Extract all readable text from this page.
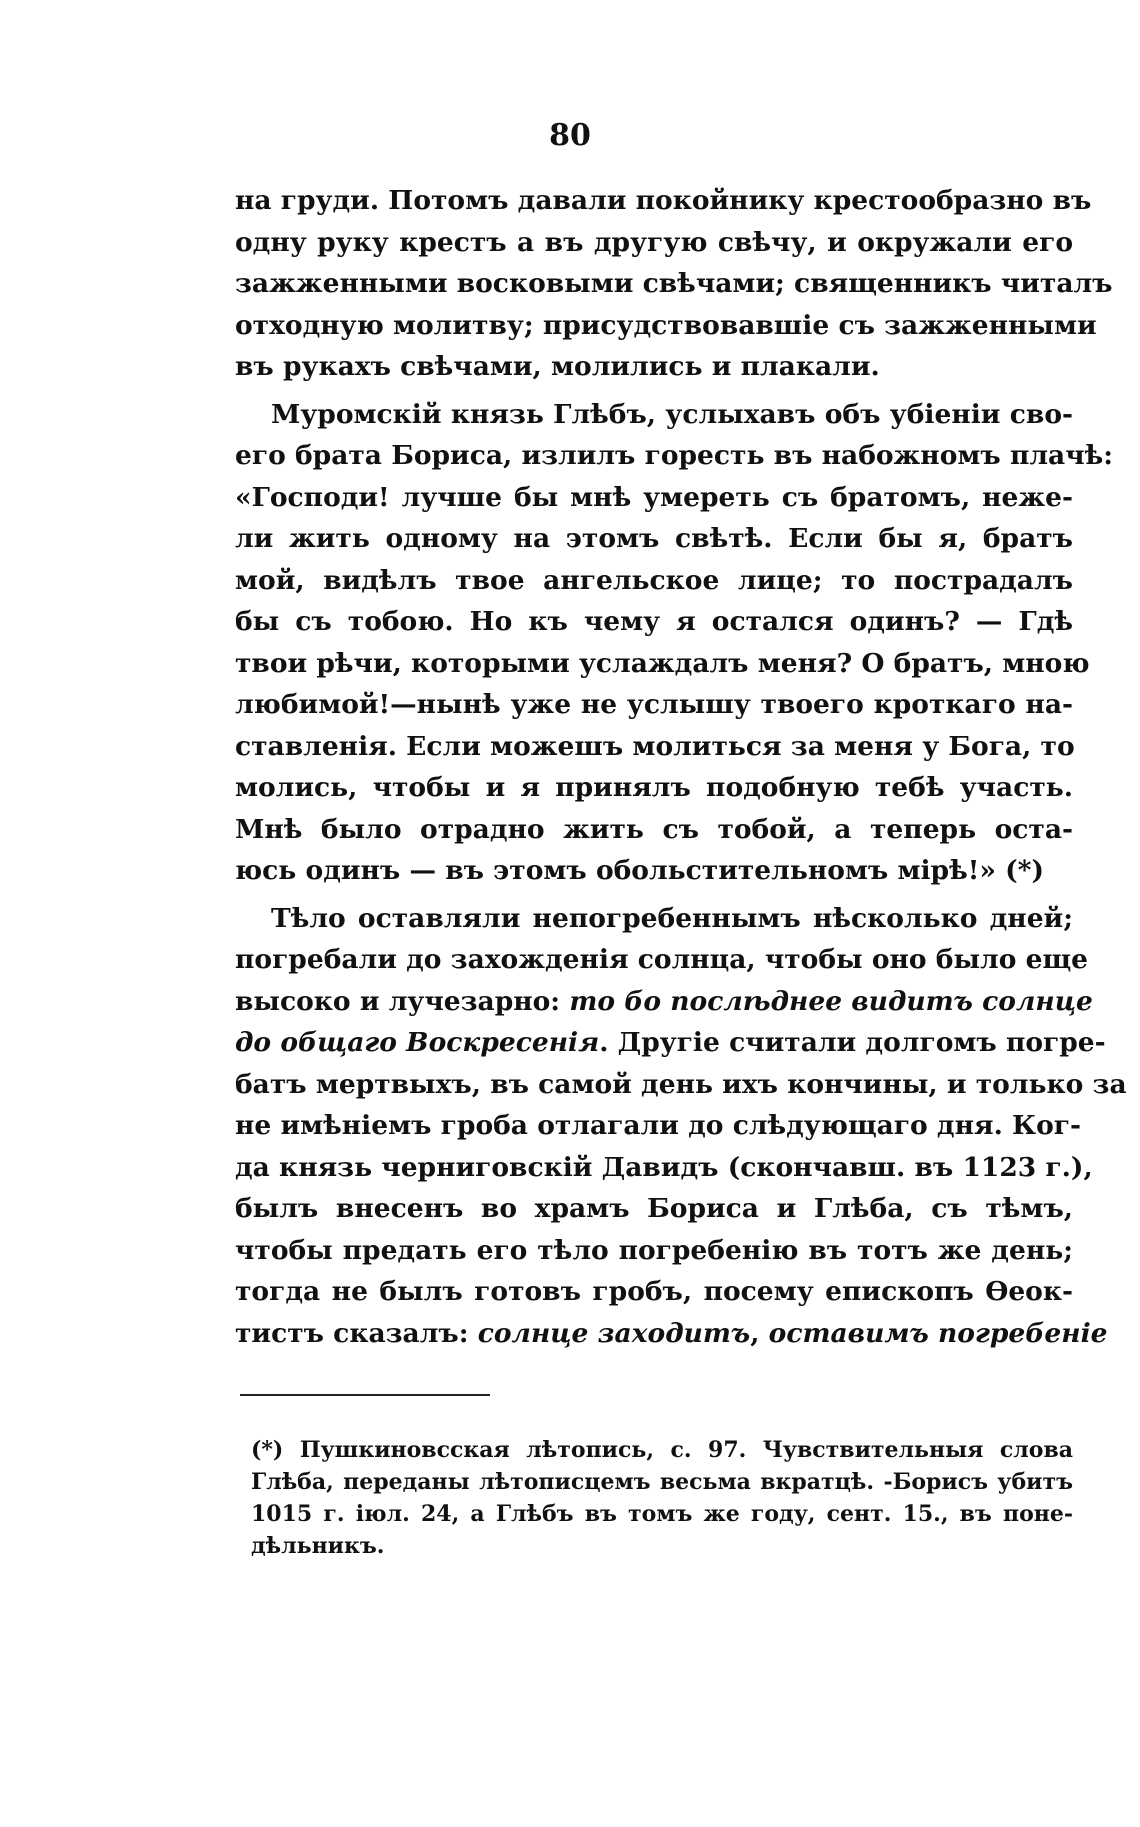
80
на груди. Потомъ давали покойнику крестообразно въ
одну руку крестъ а въ другую свѣчу, и окружали его
зажженными восковыми свѣчами; священникъ читалъ
отходную молитву; присудствовавшіе съ зажженными
въ рукахъ свѣчами, молились и плакали.
Муромскій князь Глѣбъ, услыхавъ объ убіеніи сво-
его брата Бориса, излилъ горесть въ набожномъ плачѣ:
«Господи! лучше бы мнѣ умереть съ братомъ, неже-
ли жить одному на этомъ свѣтѣ. Если бы я, братъ
мой, видѣлъ твое ангельское лице; то пострадалъ
бы съ тобою. Но къ чему я остался одинъ? — Гдѣ
твои рѣчи, которыми услаждалъ меня? О братъ, мною
любимой!—нынѣ уже не услышу твоего кроткаго на-
ставленія. Если можешъ молиться за меня у Бога, то
молись, чтобы и я принялъ подобную тебѣ участь.
Мнѣ было отрадно жить съ тобой, а теперь оста-
юсь одинъ — въ этомъ обольстительномъ мірѣ!» (*)
Тѣло оставляли непогребеннымъ нѣсколько дней;
погребали до захожденія солнца, чтобы оно было еще
высоко и лучезарно: то бо послѣднее видитъ солнце
до общаго Воскресенія. Другіе считали долгомъ погре-
батъ мертвыхъ, въ самой день ихъ кончины, и только за
не имѣніемъ гроба отлагали до слѣдующаго дня. Ког-
да князь черниговскій Давидъ (скончавш. въ 1123 г.),
былъ внесенъ во храмъ Бориса и Глѣба, съ тѣмъ,
чтобы предать его тѣло погребенію въ тотъ же день;
тогда не былъ готовъ гробъ, посему епископъ Ѳеок-
тистъ сказалъ: солнце заходитъ, оставимъ погребеніе
(*) Пушкиновсская лѣтопись, с. 97. Чувствительныя слова
Глѣба, переданы лѣтописцемъ весьма вкратцѣ. -Борисъ убитъ
1015 г. іюл. 24, а Глѣбъ въ томъ же году, сент. 15., въ поне-
дѣльникъ.
